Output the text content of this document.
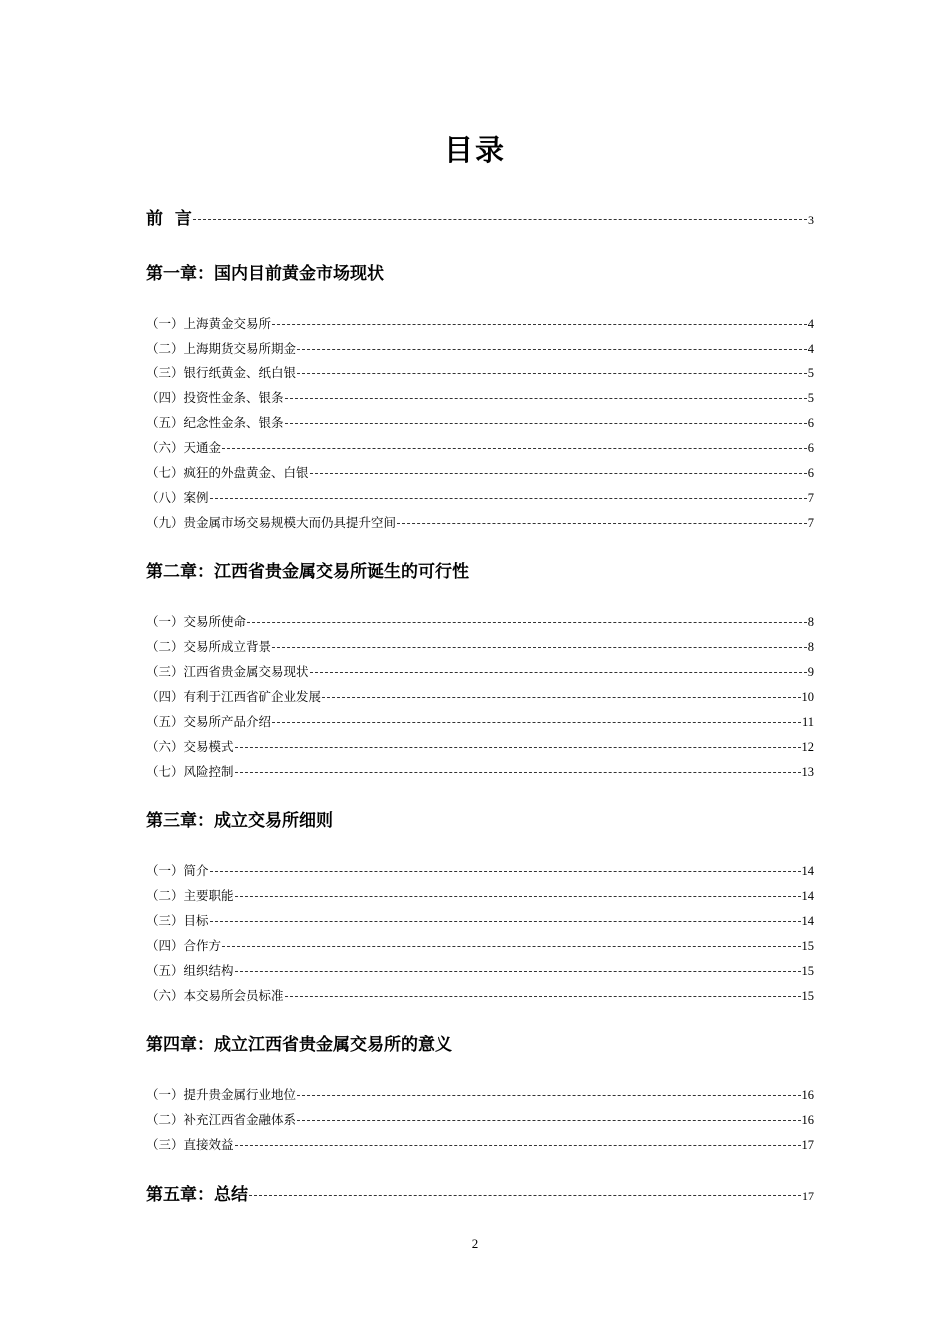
目录
前  言	3
第一章：国内目前黄金市场现状
（一）上海黄金交易所	4
（二）上海期货交易所期金	4
（三）银行纸黄金、纸白银	5
（四）投资性金条、银条	5
（五）纪念性金条、银条	6
（六）天通金	6
（七）疯狂的外盘黄金、白银	6
（八）案例	7
（九）贵金属市场交易规模大而仍具提升空间	7
第二章：江西省贵金属交易所诞生的可行性
（一）交易所使命	8
（二）交易所成立背景	8
（三）江西省贵金属交易现状	9
（四）有利于江西省矿企业发展	10
（五）交易所产品介绍	11
（六）交易模式	12
（七）风险控制	13
第三章：成立交易所细则
（一）简介	14
（二）主要职能	14
（三）目标	14
（四）合作方	15
（五）组织结构	15
（六）本交易所会员标准	15
第四章：成立江西省贵金属交易所的意义
（一）提升贵金属行业地位	16
（二）补充江西省金融体系	16
（三）直接效益	17
第五章：总结	17
2
